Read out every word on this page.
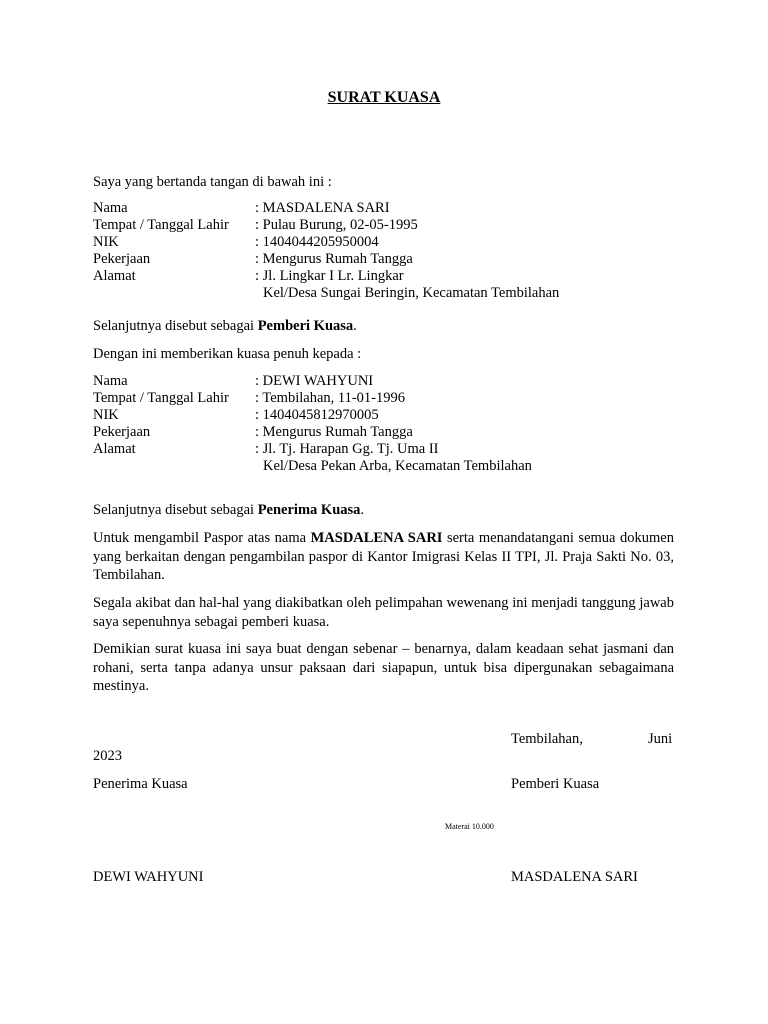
SURAT KUASA
Saya yang bertanda tangan di bawah ini :
Nama	: MASDALENA SARI
Tempat / Tanggal Lahir : Pulau Burung, 02-05-1995
NIK	: 1404044205950004
Pekerjaan	: Mengurus Rumah Tangga
Alamat	: Jl. Lingkar I Lr. Lingkar
Kel/Desa Sungai Beringin, Kecamatan Tembilahan
Selanjutnya disebut sebagai Pemberi Kuasa.
Dengan ini memberikan kuasa penuh kepada :
Nama	: DEWI WAHYUNI
Tempat / Tanggal Lahir : Tembilahan, 11-01-1996
NIK	: 1404045812970005
Pekerjaan	: Mengurus Rumah Tangga
Alamat	: Jl. Tj. Harapan Gg. Tj. Uma II
Kel/Desa Pekan Arba, Kecamatan Tembilahan
Selanjutnya disebut sebagai Penerima Kuasa.
Untuk mengambil Paspor atas nama MASDALENA SARI serta menandatangani semua dokumen yang berkaitan dengan pengambilan paspor di Kantor Imigrasi Kelas II TPI, Jl. Praja Sakti No. 03, Tembilahan.
Segala akibat dan hal-hal yang diakibatkan oleh pelimpahan wewenang ini menjadi tanggung jawab saya sepenuhnya sebagai pemberi kuasa.
Demikian surat kuasa ini saya buat dengan sebenar – benarnya, dalam keadaan sehat jasmani dan rohani, serta tanpa adanya unsur paksaan dari siapapun, untuk bisa dipergunakan sebagaimana mestinya.
Tembilahan,	Juni
2023
Penerima Kuasa	Pemberi Kuasa
Materai 10.000
DEWI WAHYUNI	MASDALENA SARI
